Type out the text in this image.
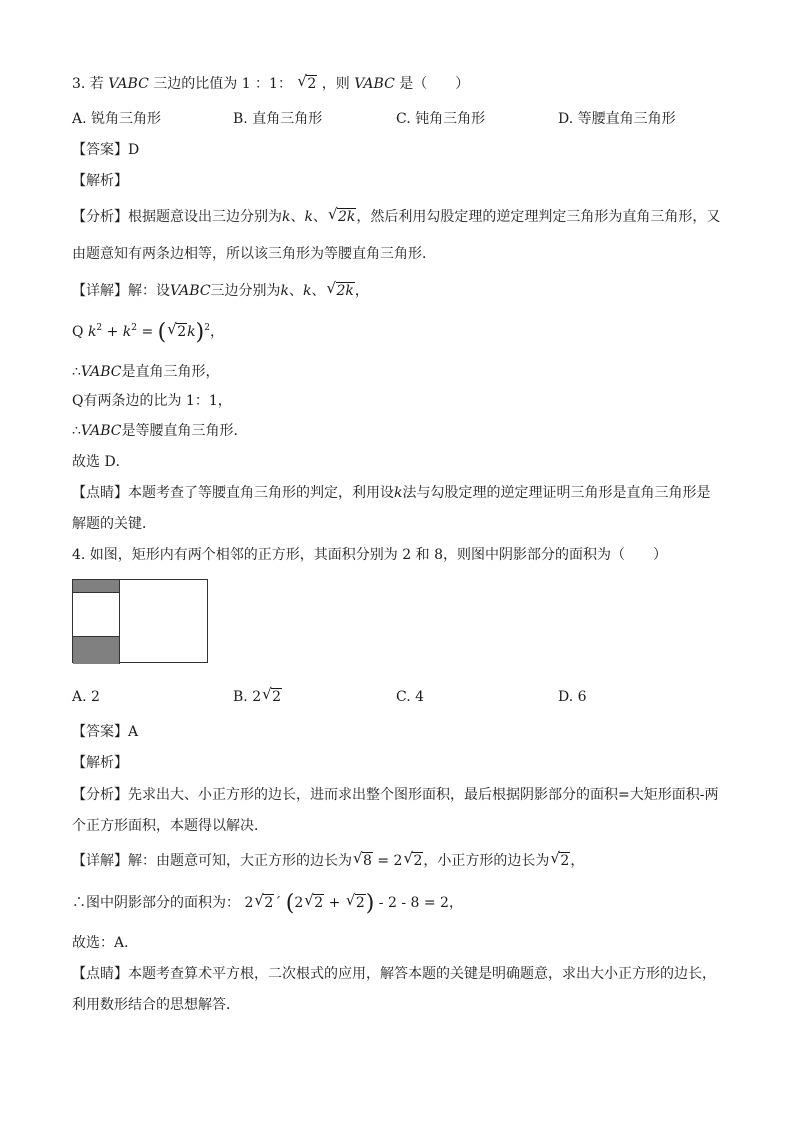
3. 若 VABC 三边的比值为 1 ：1： √ 2 ，则 VABC 是（　　）
A. 锐角三角形	B. 直角三角形	C. 钝角三角形	D. 等腰直角三角形
【答案】D
【解析】
【分析】根据题意设出三边分别为k、k、 √ 2k，然后利用勾股定理的逆定理判定三角形为直角三角形，又
由题意知有两条边相等，所以该三角形为等腰直角三角形．
【详解】解：设VABC三边分别为k、k、 √ 2k，
Q $k^2 + k^2$ = ( √ 2k)$^2$，
∴VABC是直角三角形，
Q有两条边的比为 1：1，
∴VABC是等腰直角三角形．
故选 D．
【点睛】本题考查了等腰直角三角形的判定，利用设k法与勾股定理的逆定理证明三角形是直角三角形是
解题的关键．
4. 如图，矩形内有两个相邻的正方形，其面积分别为 2 和 8，则图中阴影部分的面积为（　　）
A. 2	B. 2 √ 2	C. 4	D. 6
【答案】A
【解析】
【分析】先求出大、小正方形的边长，进而求出整个图形面积，最后根据阴影部分的面积=大矩形面积-两
个正方形面积，本题得以解决．
【详解】解：由题意可知，大正方形的边长为 √ 8 = 2 √ 2，小正方形的边长为 √ 2，
∴图中阴影部分的面积为： 2 √ 2´ (2 √ 2 + √ 2) - 2 - 8 = 2，
故选：A．
【点睛】本题考查算术平方根，二次根式的应用，解答本题的关键是明确题意，求出大小正方形的边长，
利用数形结合的思想解答．
